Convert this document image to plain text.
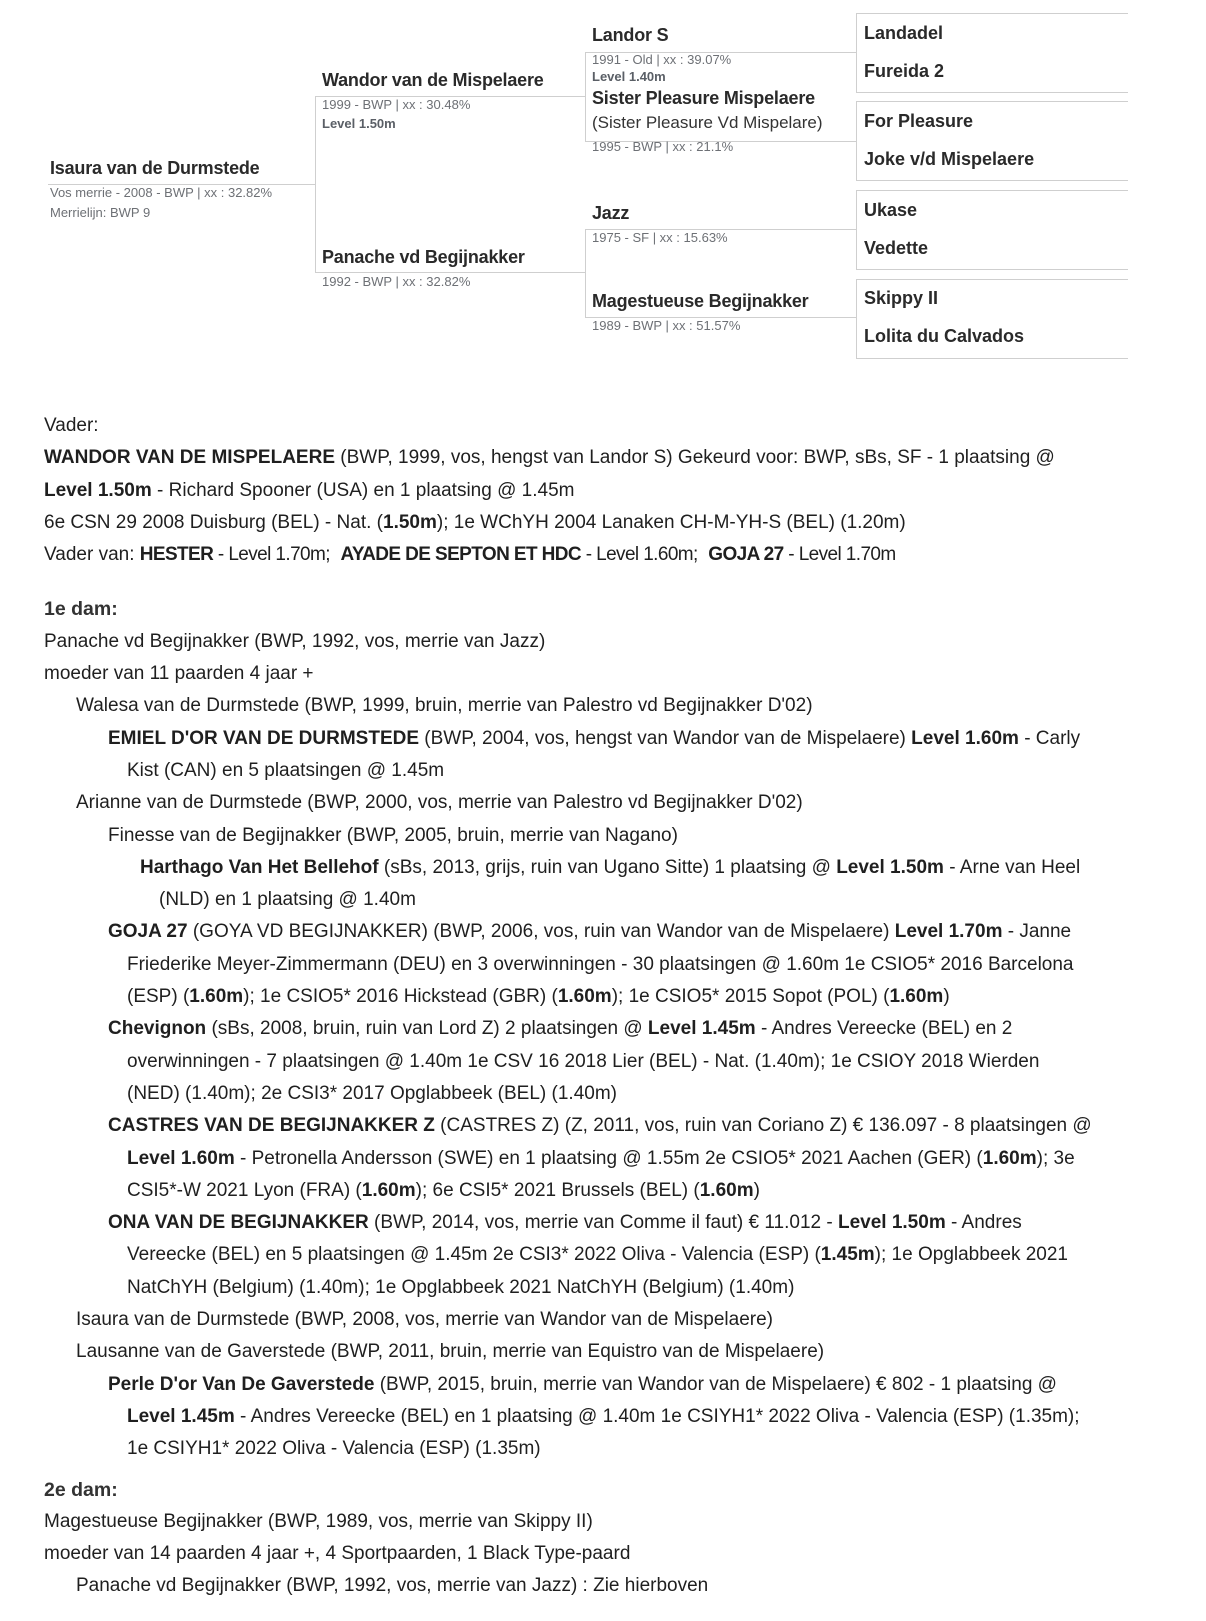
Isaura van de Durmstede
Vos merrie - 2008 - BWP | xx : 32.82%
Merrielijn: BWP 9
Wandor van de Mispelaere
1999 - BWP | xx : 30.48%
Level 1.50m
Panache vd Begijnakker
1992 - BWP | xx : 32.82%
Landor S
1991 - Old | xx : 39.07%
Level 1.40m
Sister Pleasure Mispelaere
(Sister Pleasure Vd Mispelare)
1995 - BWP | xx : 21.1%
Jazz
1975 - SF | xx : 15.63%
Magestueuse Begijnakker
1989 - BWP | xx : 51.57%
Landadel
Fureida 2
For Pleasure
Joke v/d Mispelaere
Ukase
Vedette
Skippy II
Lolita du Calvados
Vader:
WANDOR VAN DE MISPELAERE (BWP, 1999, vos, hengst van Landor S) Gekeurd voor: BWP, sBs, SF - 1 plaatsing @
Level 1.50m - Richard Spooner (USA) en 1 plaatsing @ 1.45m
6e CSN 29 2008 Duisburg (BEL) - Nat. (1.50m); 1e WChYH 2004 Lanaken CH-M-YH-S (BEL) (1.20m)
Vader van: HESTER - Level 1.70m; AYADE DE SEPTON ET HDC - Level 1.60m; GOJA 27 - Level 1.70m
1e dam:
Panache vd Begijnakker (BWP, 1992, vos, merrie van Jazz)
moeder van 11 paarden 4 jaar +
Walesa van de Durmstede (BWP, 1999, bruin, merrie van Palestro vd Begijnakker D'02)
EMIEL D'OR VAN DE DURMSTEDE (BWP, 2004, vos, hengst van Wandor van de Mispelaere) Level 1.60m - Carly
Kist (CAN) en 5 plaatsingen @ 1.45m
Arianne van de Durmstede (BWP, 2000, vos, merrie van Palestro vd Begijnakker D'02)
Finesse van de Begijnakker (BWP, 2005, bruin, merrie van Nagano)
Harthago Van Het Bellehof (sBs, 2013, grijs, ruin van Ugano Sitte) 1 plaatsing @ Level 1.50m - Arne van Heel
(NLD) en 1 plaatsing @ 1.40m
GOJA 27 (GOYA VD BEGIJNAKKER) (BWP, 2006, vos, ruin van Wandor van de Mispelaere) Level 1.70m - Janne
Friederike Meyer-Zimmermann (DEU) en 3 overwinningen - 30 plaatsingen @ 1.60m 1e CSIO5* 2016 Barcelona
(ESP) (1.60m); 1e CSIO5* 2016 Hickstead (GBR) (1.60m); 1e CSIO5* 2015 Sopot (POL) (1.60m)
Chevignon (sBs, 2008, bruin, ruin van Lord Z) 2 plaatsingen @ Level 1.45m - Andres Vereecke (BEL) en 2
overwinningen - 7 plaatsingen @ 1.40m 1e CSV 16 2018 Lier (BEL) - Nat. (1.40m); 1e CSIOY 2018 Wierden
(NED) (1.40m); 2e CSI3* 2017 Opglabbeek (BEL) (1.40m)
CASTRES VAN DE BEGIJNAKKER Z (CASTRES Z) (Z, 2011, vos, ruin van Coriano Z) € 136.097 - 8 plaatsingen @
Level 1.60m - Petronella Andersson (SWE) en 1 plaatsing @ 1.55m 2e CSIO5* 2021 Aachen (GER) (1.60m); 3e
CSI5*-W 2021 Lyon (FRA) (1.60m); 6e CSI5* 2021 Brussels (BEL) (1.60m)
ONA VAN DE BEGIJNAKKER (BWP, 2014, vos, merrie van Comme il faut) € 11.012 - Level 1.50m - Andres
Vereecke (BEL) en 5 plaatsingen @ 1.45m 2e CSI3* 2022 Oliva - Valencia (ESP) (1.45m); 1e Opglabbeek 2021
NatChYH (Belgium) (1.40m); 1e Opglabbeek 2021 NatChYH (Belgium) (1.40m)
Isaura van de Durmstede (BWP, 2008, vos, merrie van Wandor van de Mispelaere)
Lausanne van de Gaverstede (BWP, 2011, bruin, merrie van Equistro van de Mispelaere)
Perle D'or Van De Gaverstede (BWP, 2015, bruin, merrie van Wandor van de Mispelaere) € 802 - 1 plaatsing @
Level 1.45m - Andres Vereecke (BEL) en 1 plaatsing @ 1.40m 1e CSIYH1* 2022 Oliva - Valencia (ESP) (1.35m);
1e CSIYH1* 2022 Oliva - Valencia (ESP) (1.35m)
2e dam:
Magestueuse Begijnakker (BWP, 1989, vos, merrie van Skippy II)
moeder van 14 paarden 4 jaar +, 4 Sportpaarden, 1 Black Type-paard
Panache vd Begijnakker (BWP, 1992, vos, merrie van Jazz) : Zie hierboven
